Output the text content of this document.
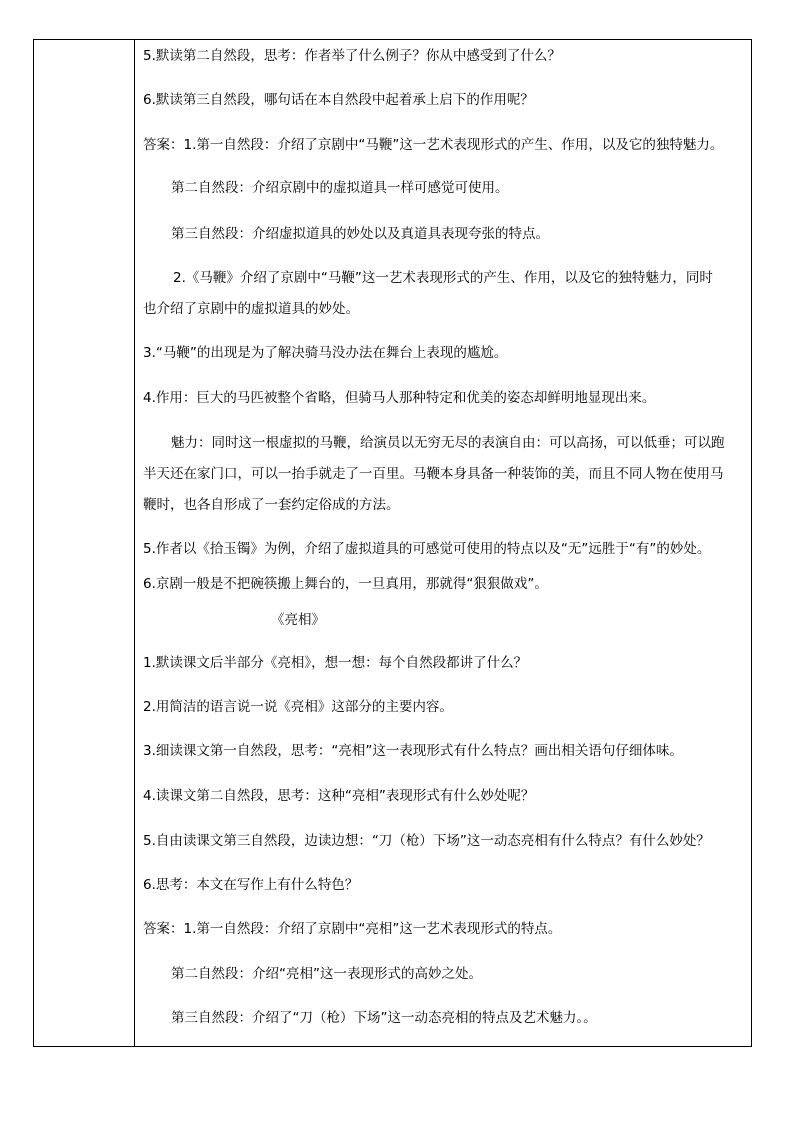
5.默读第二自然段，思考：作者举了什么例子？你从中感受到了什么？
6.默读第三自然段，哪句话在本自然段中起着承上启下的作用呢？
答案：1.第一自然段：介绍了京剧中“马鞭”这一艺术表现形式的产生、作用，以及它的独特魅力。
第二自然段：介绍京剧中的虚拟道具一样可感觉可使用。
第三自然段：介绍虚拟道具的妙处以及真道具表现夸张的特点。
2.《马鞭》介绍了京剧中“马鞭”这一艺术表现形式的产生、作用，以及它的独特魅力，同时
也介绍了京剧中的虚拟道具的妙处。
3.“马鞭”的出现是为了解决骑马没办法在舞台上表现的尴尬。
4.作用：巨大的马匹被整个省略，但骑马人那种特定和优美的姿态却鲜明地显现出来。
魅力：同时这一根虚拟的马鞭，给演员以无穷无尽的表演自由：可以高扬，可以低垂；可以跑
半天还在家门口，可以一抬手就走了一百里。马鞭本身具备一种装饰的美，而且不同人物在使用马
鞭时，也各自形成了一套约定俗成的方法。
5.作者以《拾玉镯》为例，介绍了虚拟道具的可感觉可使用的特点以及“无”远胜于“有”的妙处。
6.京剧一般是不把碗筷搬上舞台的，一旦真用，那就得“狠狠做戏”。
《亮相》
1.默读课文后半部分《亮相》，想一想：每个自然段都讲了什么？
2.用简洁的语言说一说《亮相》这部分的主要内容。
3.细读课文第一自然段，思考：“亮相”这一表现形式有什么特点？画出相关语句仔细体味。
4.读课文第二自然段，思考：这种“亮相”表现形式有什么妙处呢？
5.自由读课文第三自然段，边读边想：“刀（枪）下场”这一动态亮相有什么特点？有什么妙处？
6.思考：本文在写作上有什么特色？
答案：1.第一自然段：介绍了京剧中“亮相”这一艺术表现形式的特点。
第二自然段：介绍“亮相”这一表现形式的高妙之处。
第三自然段：介绍了“刀（枪）下场”这一动态亮相的特点及艺术魅力。。
